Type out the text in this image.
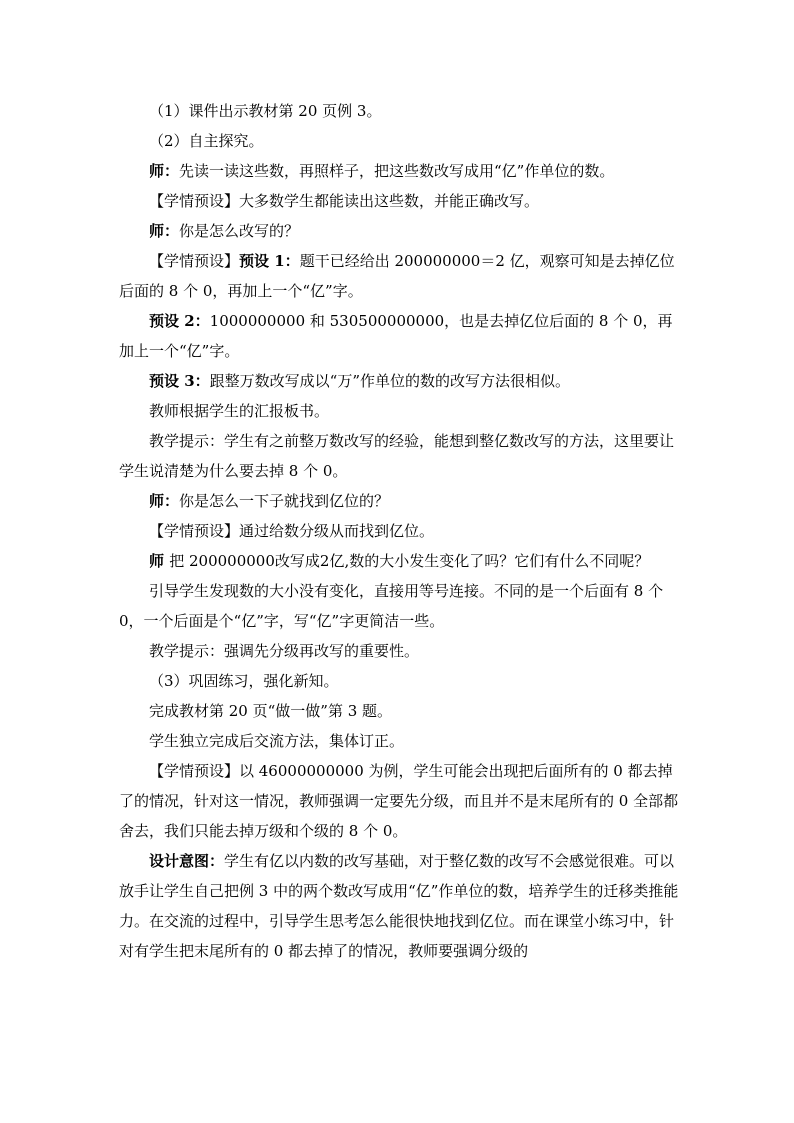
（1）课件出示教材第 20 页例 3。

（2）自主探究。

师：先读一读这些数，再照样子，把这些数改写成用“亿”作单位的数。

【学情预设】大多数学生都能读出这些数，并能正确改写。

师：你是怎么改写的？

【学情预设】预设 1：题干已经给出 200000000＝2 亿，观察可知是去掉亿位后面的 8 个 0，再加上一个“亿”字。

预设 2：1000000000 和 530500000000，也是去掉亿位后面的 8 个 0，再加上一个“亿”字。

预设 3：跟整万数改写成以“万”作单位的数的改写方法很相似。

教师根据学生的汇报板书。

教学提示：学生有之前整万数改写的经验，能想到整亿数改写的方法，这里要让学生说清楚为什么要去掉 8 个 0。

师：你是怎么一下子就找到亿位的？

【学情预设】通过给数分级从而找到亿位。

师 把 200000000改写成2亿,数的大小发生变化了吗？它们有什么不同呢？

引导学生发现数的大小没有变化，直接用等号连接。不同的是一个后面有 8 个 0，一个后面是个“亿”字，写“亿”字更简洁一些。

教学提示：强调先分级再改写的重要性。

（3）巩固练习，强化新知。

完成教材第 20 页“做一做”第 3 题。

学生独立完成后交流方法，集体订正。

【学情预设】以 46000000000 为例，学生可能会出现把后面所有的 0 都去掉了的情况，针对这一情况，教师强调一定要先分级，而且并不是末尾所有的 0 全部都舍去，我们只能去掉万级和个级的 8 个 0。

设计意图：学生有亿以内数的改写基础，对于整亿数的改写不会感觉很难。可以放手让学生自己把例 3 中的两个数改写成用“亿”作单位的数，培养学生的迁移类推能力。在交流的过程中，引导学生思考怎么能很快地找到亿位。而在课堂小练习中，针对有学生把末尾所有的 0 都去掉了的情况，教师要强调分级的
